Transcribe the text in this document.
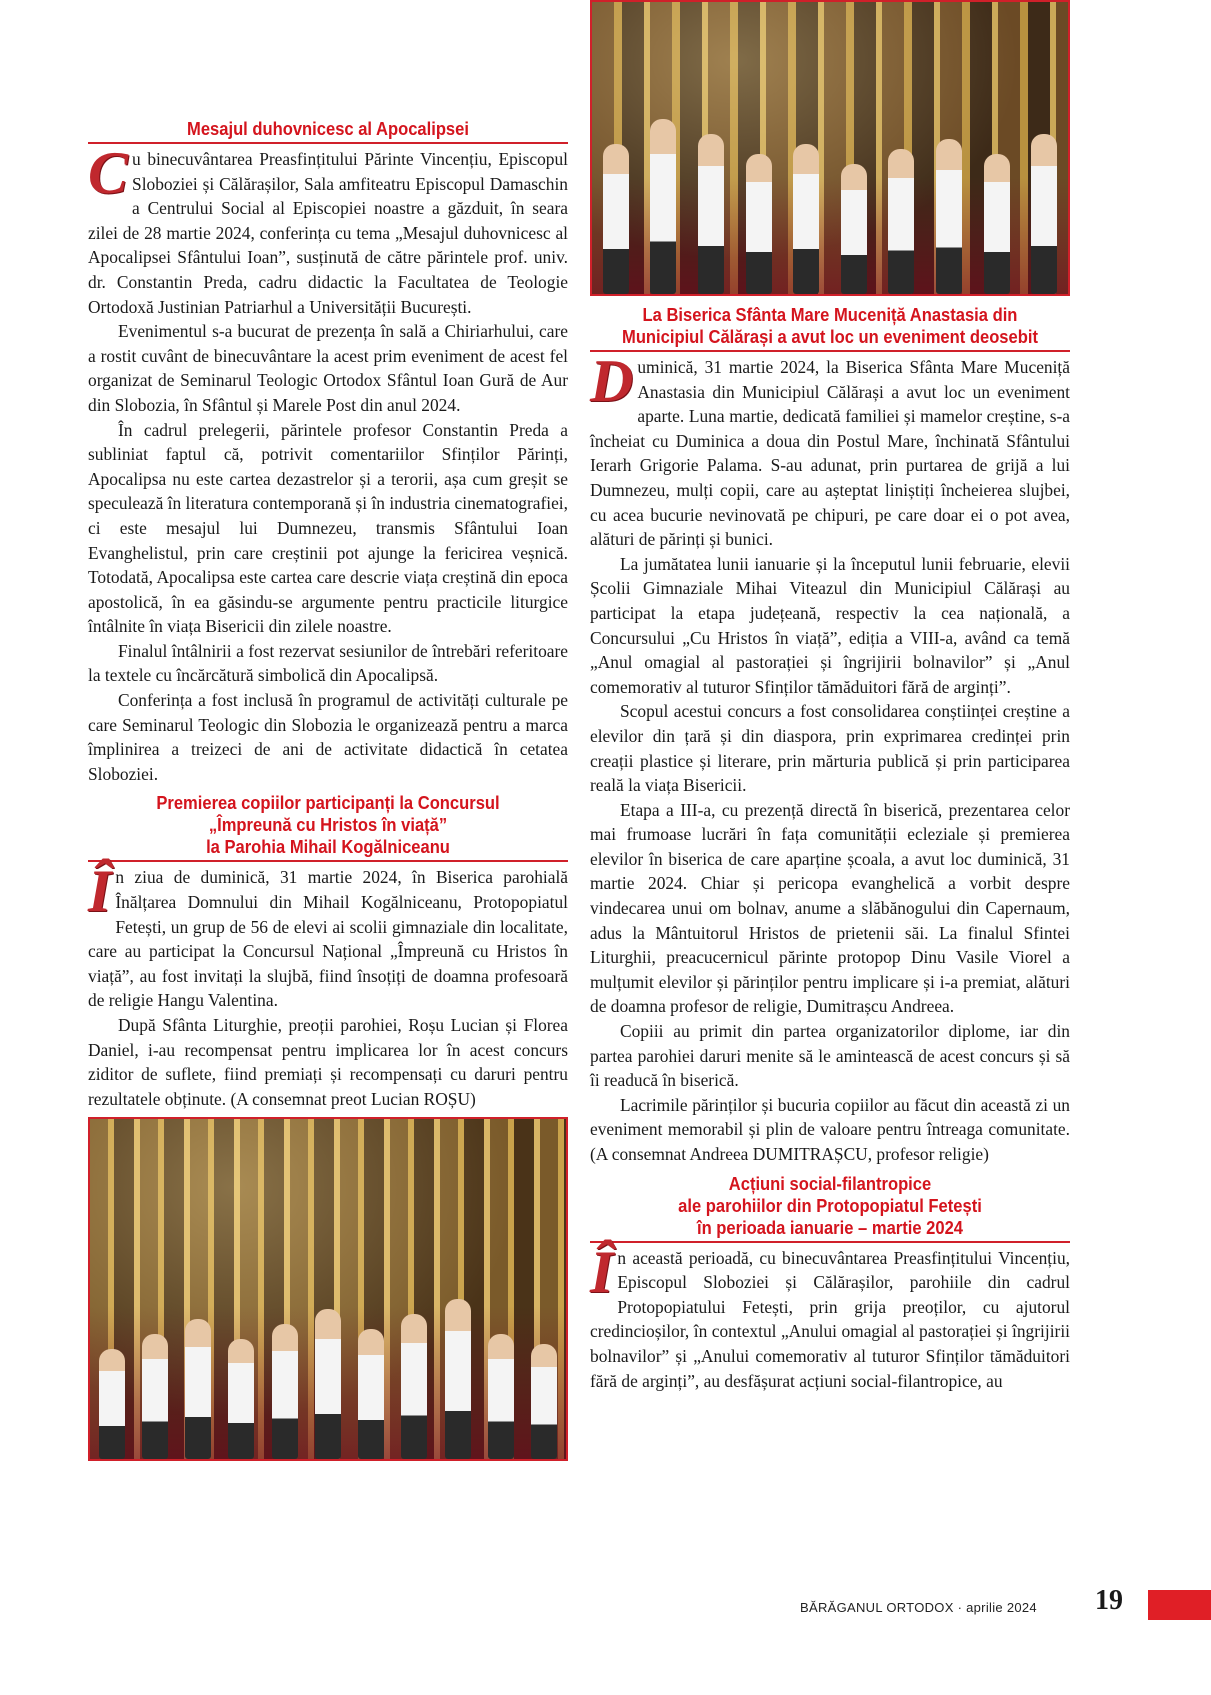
La Biserica Sfânta Mare Muceniță Anastasia din
Municipiul Călărași a avut loc un eveniment deosebit

Duminică, 31 martie 2024, la Biserica Sfânta Mare Muceniță Anastasia din Municipiul Călărași a avut loc un eveniment aparte. Luna martie, dedicată familiei și mamelor creștine, s-a încheiat cu Duminica a doua din Postul Mare, închinată Sfântului Ierarh Grigorie Palama. S-au adunat, prin purtarea de grijă a lui Dumnezeu, mulți copii, care au așteptat liniștiți încheierea slujbei, cu acea bucurie nevinovată pe chipuri, pe care doar ei o pot avea, alături de părinți și bunici.

La jumătatea lunii ianuarie și la începutul lunii februarie, elevii Școlii Gimnaziale Mihai Viteazul din Municipiul Călărași au participat la etapa județeană, respectiv la cea națională, a Concursului „Cu Hristos în viață”, ediția a VIII-a, având ca temă „Anul omagial al pastorației și îngrijirii bolnavilor” și „Anul comemorativ al tuturor Sfinților tămăduitori fără de arginți”.

Scopul acestui concurs a fost consolidarea conștiinței creștine a elevilor din țară și din diaspora, prin exprimarea credinței prin creații plastice și literare, prin mărturia publică și prin participarea reală la viața Bisericii.

Etapa a III-a, cu prezență directă în biserică, prezentarea celor mai frumoase lucrări în fața comunității ecleziale și premierea elevilor în biserica de care aparține școala, a avut loc duminică, 31 martie 2024. Chiar și pericopa evanghelică a vorbit despre vindecarea unui om bolnav, anume a slăbănogului din Capernaum, adus la Mântuitorul Hristos de prietenii săi. La finalul Sfintei Liturghii, preacucernicul părinte protopop Dinu Vasile Viorel a mulțumit elevilor și părinților pentru implicare și i-a premiat, alături de doamna profesor de religie, Dumitrașcu Andreea.

Copiii au primit din partea organizatorilor diplome, iar din partea parohiei daruri menite să le amintească de acest concurs și să îi readucă în biserică.

Lacrimile părinților și bucuria copiilor au făcut din această zi un eveniment memorabil și plin de valoare pentru întreaga comunitate. (A consemnat Andreea DUMITRAȘCU, profesor religie)

Acțiuni social-filantropice
ale parohiilor din Protopopiatul Fetești
în perioada ianuarie – martie 2024

În această perioadă, cu binecuvântarea Preasfințitului Vincențiu, Episcopul Sloboziei și Călărașilor, parohiile din cadrul Protopopiatului Fetești, prin grija preoților, cu ajutorul credincioșilor, în contextul „Anului omagial al pastorației și îngrijirii bolnavilor” și „Anului comemorativ al tuturor Sfinților tămăduitori fără de arginți”, au desfășurat acțiuni social-filantropice, au

Mesajul duhovnicesc al Apocalipsei

Cu binecuvântarea Preasfințitului Părinte Vincențiu, Episcopul Sloboziei și Călărașilor, Sala amfiteatru Episcopul Damaschin a Centrului Social al Episcopiei noastre a găzduit, în seara zilei de 28 martie 2024, conferința cu tema „Mesajul duhovnicesc al Apocalipsei Sfântului Ioan”, susținută de către părintele prof. univ. dr. Constantin Preda, cadru didactic la Facultatea de Teologie Ortodoxă Justinian Patriarhul a Universității București.

Evenimentul s-a bucurat de prezența în sală a Chiriarhului, care a rostit cuvânt de binecuvântare la acest prim eveniment de acest fel organizat de Seminarul Teologic Ortodox Sfântul Ioan Gură de Aur din Slobozia, în Sfântul și Marele Post din anul 2024.

În cadrul prelegerii, părintele profesor Constantin Preda a subliniat faptul că, potrivit comentariilor Sfinților Părinți, Apocalipsa nu este cartea dezastrelor și a terorii, așa cum greșit se speculează în literatura contemporană și în industria cinematografiei, ci este mesajul lui Dumnezeu, transmis Sfântului Ioan Evanghelistul, prin care creștinii pot ajunge la fericirea veșnică. Totodată, Apocalipsa este cartea care descrie viața creștină din epoca apostolică, în ea găsindu-se argumente pentru practicile liturgice întâlnite în viața Bisericii din zilele noastre.

Finalul întâlnirii a fost rezervat sesiunilor de întrebări referitoare la textele cu încărcătură simbolică din Apocalipsă.

Conferința a fost inclusă în programul de activități culturale pe care Seminarul Teologic din Slobozia le organizează pentru a marca împlinirea a treizeci de ani de activitate didactică în cetatea Sloboziei.

Premierea copiilor participanți la Concursul
„Împreună cu Hristos în viață”
la Parohia Mihail Kogălniceanu

În ziua de duminică, 31 martie 2024, în Biserica parohială Înălțarea Domnului din Mihail Kogălniceanu, Protopopiatul Fetești, un grup de 56 de elevi ai scolii gimnaziale din localitate, care au participat la Concursul Național „Împreună cu Hristos în viață”, au fost invitați la slujbă, fiind însoțiți de doamna profesoară de religie Hangu Valentina.

După Sfânta Liturghie, preoții parohiei, Roșu Lucian și Florea Daniel, i-au recompensat pentru implicarea lor în acest concurs ziditor de suflete, fiind premiați și recompensați cu daruri pentru rezultatele obținute. (A consemnat preot Lucian ROȘU)

BĂRĂGANUL ORTODOX · aprilie 2024 19
